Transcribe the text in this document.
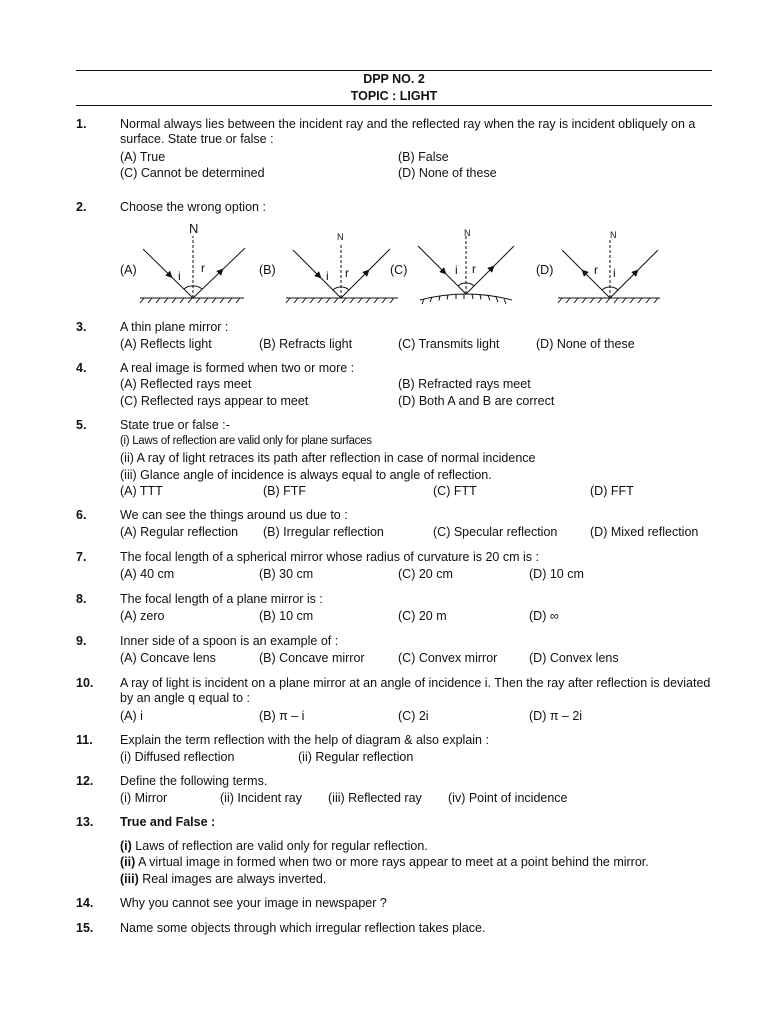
DPP NO. 2
TOPIC : LIGHT
1.	Normal always lies between the incident ray and the reflected ray when the ray is incident obliquely on a surface. State true or false :
(A) True	(B) False
(C) Cannot be determined	(D) None of these
2.	Choose the wrong option :
(A)	(B)	(C)	(D)
N
i
r
N
i r
N
i r
N
r i
3.	A thin plane mirror :
(A) Reflects light	(B) Refracts light	(C) Transmits light	(D) None of these
4.	A real image is formed when two or more :
(A) Reflected rays meet	(B) Refracted rays meet
(C) Reflected rays appear to meet	(D) Both A and B are correct
5.	State true or false :-
(i) Laws of reflection are valid only for plane surfaces
(ii) A ray of light retraces its path after reflection in case of normal incidence
(iii) Glance angle of incidence is always equal to angle of reflection.
(A) TTT	(B) FTF	(C) FTT	(D) FFT
6.	We can see the things around us due to :
(A) Regular reflection (B) Irregular reflection	(C) Specular reflection	(D) Mixed reflection
7.	The focal length of a spherical mirror whose radius of curvature is 20 cm is :
(A) 40 cm	(B) 30 cm	(C) 20 cm	(D) 10 cm
8.	The focal length of a plane mirror is :
(A) zero	(B) 10 cm	(C) 20 m	(D) ∞
9.	Inner side of a spoon is an example of :
(A) Concave lens	(B) Concave mirror	(C) Convex mirror	(D) Convex lens
10. A ray of light is incident on a plane mirror at an angle of incidence i. Then the ray after reflection is deviated by an angle q equal to :
(A) i	(B) π – i	(C) 2i	(D) π – 2i
11. Explain the term reflection with the help of diagram & also explain :
(i) Diffused reflection	(ii) Regular reflection
12. Define the following terms.
(i) Mirror	(ii) Incident ray (iii) Reflected ray (iv) Point of incidence
13. True and False :
(i) Laws of reflection are valid only for regular reflection.
(ii) A virtual image in formed when two or more rays appear to meet at a point behind the mirror.
(iii) Real images are always inverted.
14. Why you cannot see your image in newspaper ?
15. Name some objects through which irregular reflection takes place.
